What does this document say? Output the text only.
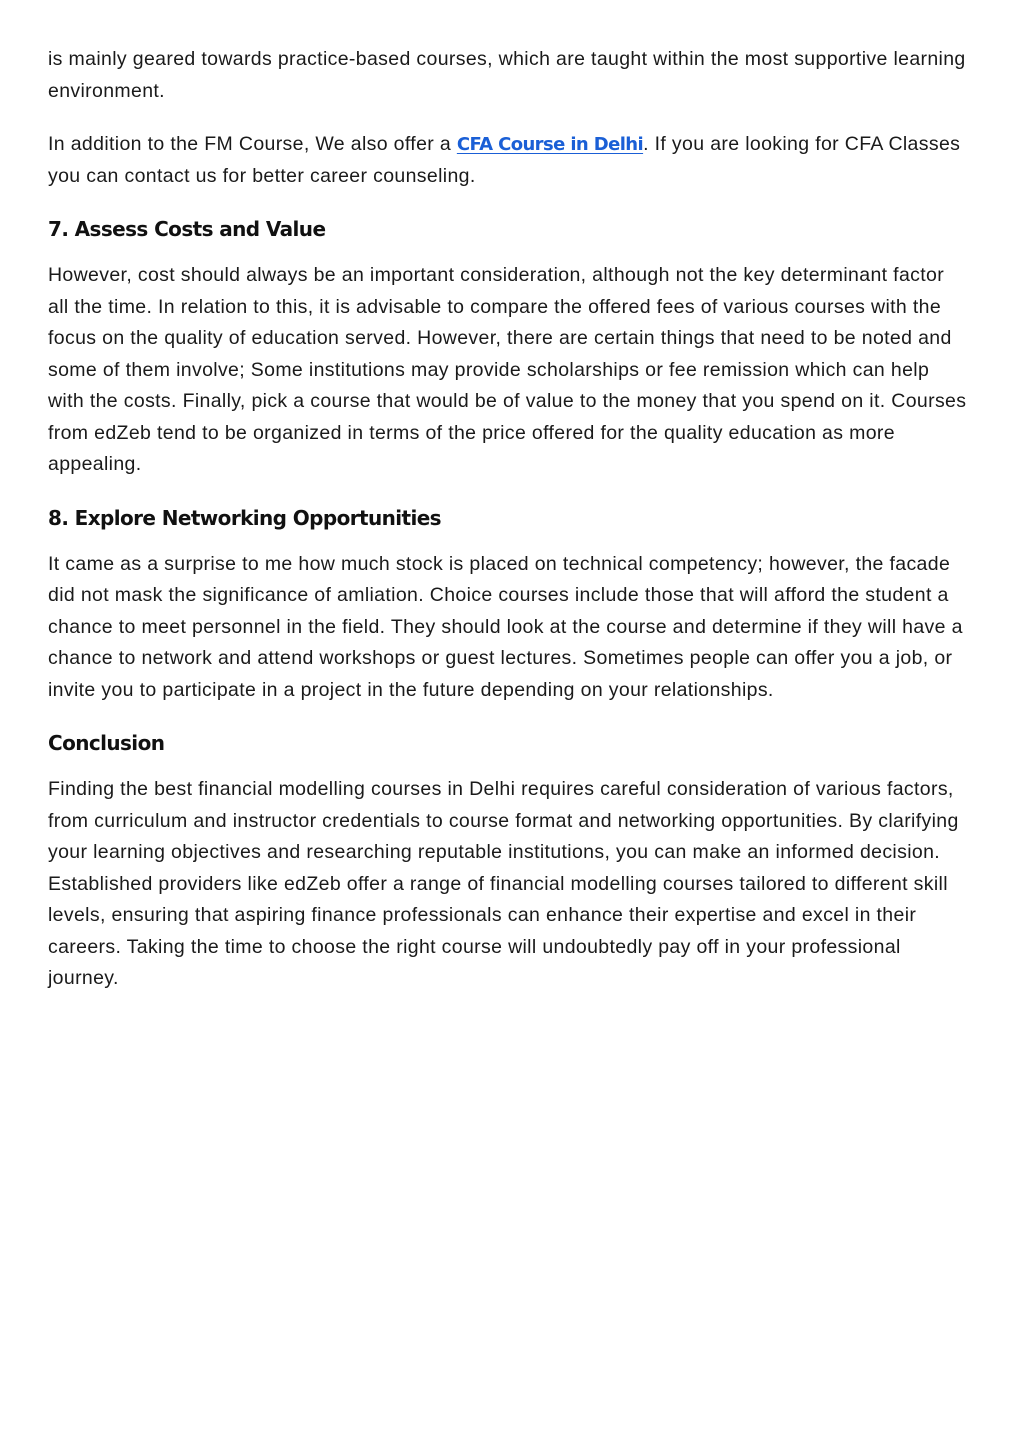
is mainly geared towards practice-based courses, which are taught within the most supportive learning environment.

In addition to the FM Course, We also offer a CFA Course in Delhi. If you are looking for CFA Classes you can contact us for better career counseling.

7. Assess Costs and Value

However, cost should always be an important consideration, although not the key determinant factor all the time. In relation to this, it is advisable to compare the offered fees of various courses with the focus on the quality of education served. However, there are certain things that need to be noted and some of them involve; Some institutions may provide scholarships or fee remission which can help with the costs. Finally, pick a course that would be of value to the money that you spend on it. Courses from edZeb tend to be organized in terms of the price offered for the quality education as more appealing.

8. Explore Networking Opportunities

It came as a surprise to me how much stock is placed on technical competency; however, the facade did not mask the significance of amliation. Choice courses include those that will afford the student a chance to meet personnel in the field. They should look at the course and determine if they will have a chance to network and attend workshops or guest lectures. Sometimes people can offer you a job, or invite you to participate in a project in the future depending on your relationships.

Conclusion

Finding the best financial modelling courses in Delhi requires careful consideration of various factors, from curriculum and instructor credentials to course format and networking opportunities. By clarifying your learning objectives and researching reputable institutions, you can make an informed decision. Established providers like edZeb offer a range of financial modelling courses tailored to different skill levels, ensuring that aspiring finance professionals can enhance their expertise and excel in their careers. Taking the time to choose the right course will undoubtedly pay off in your professional journey.
